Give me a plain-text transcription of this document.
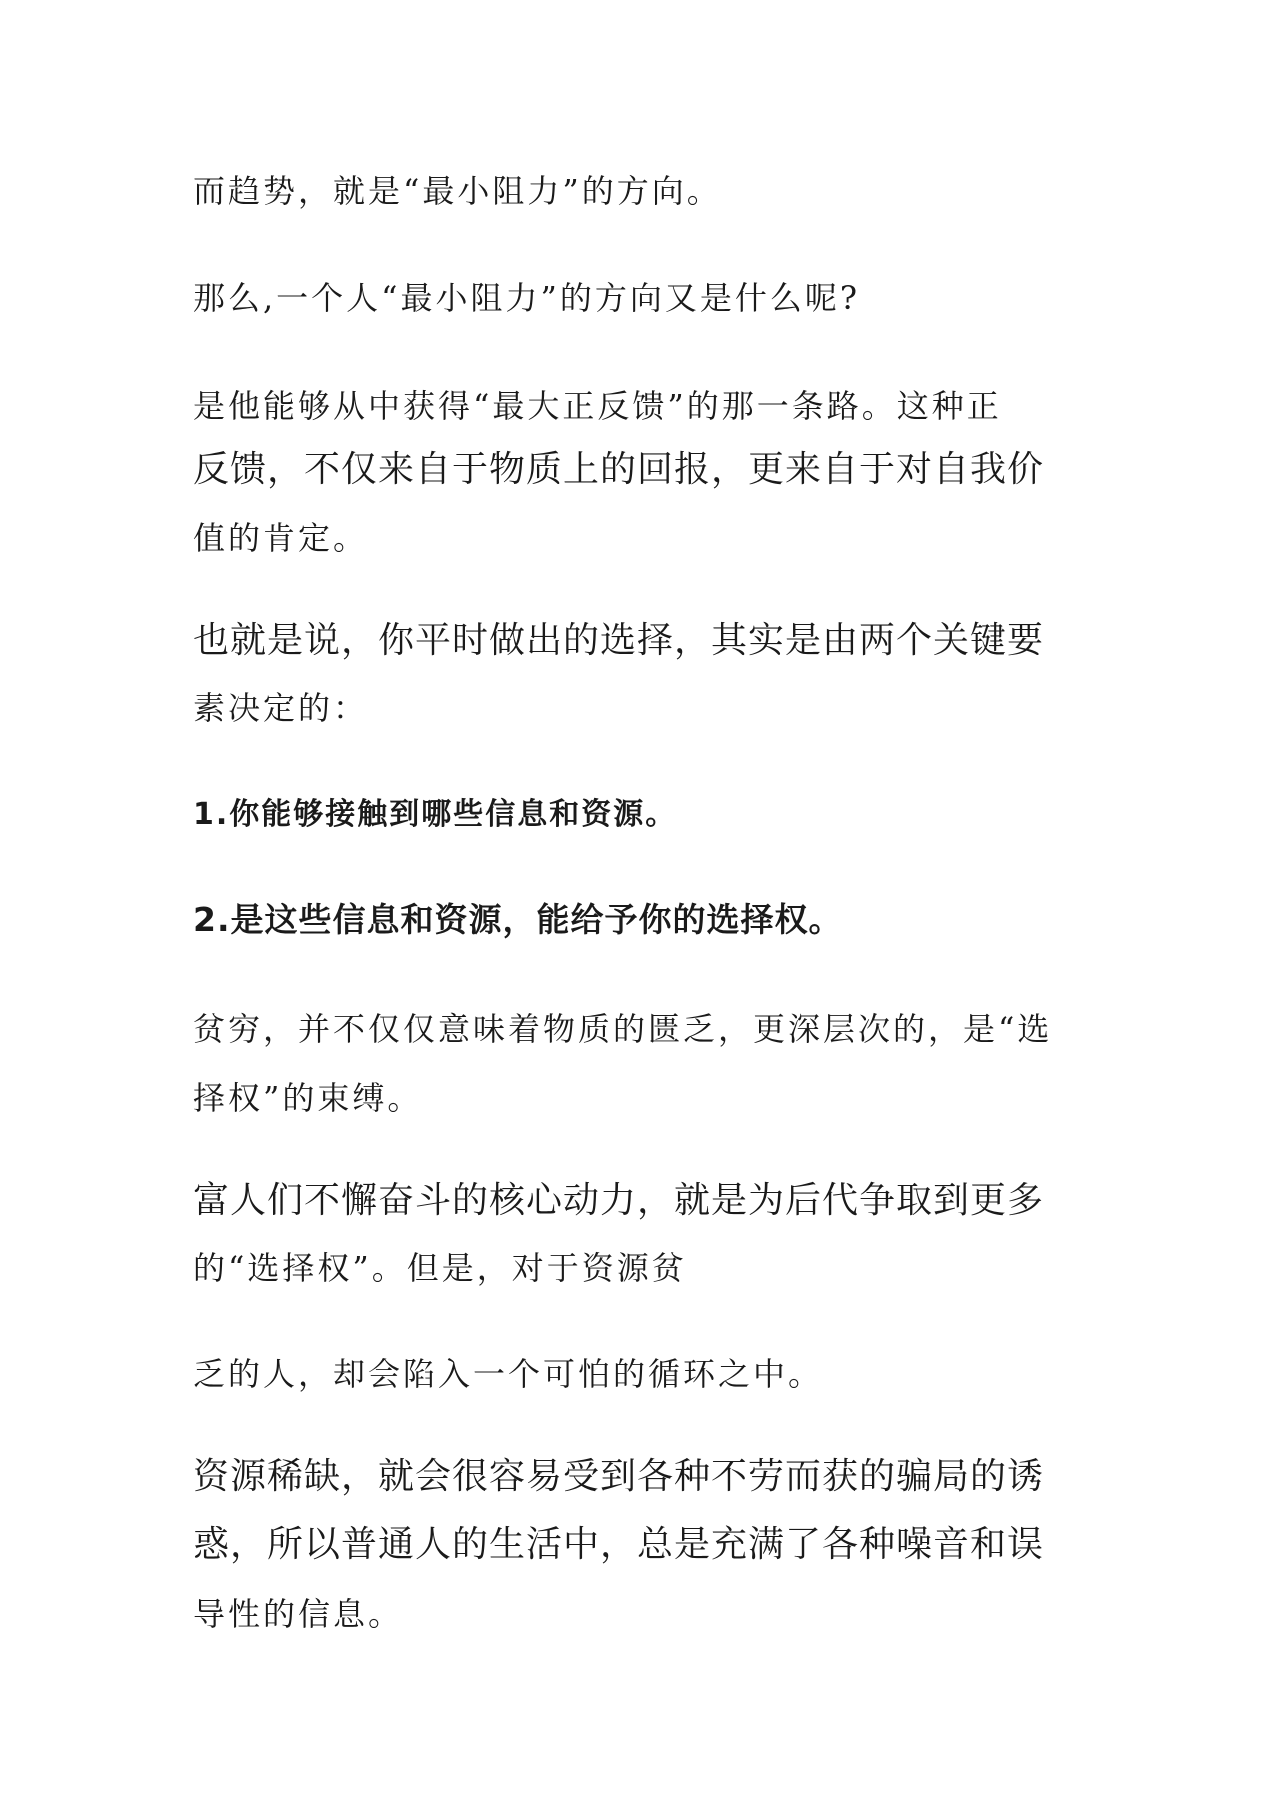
而趋势，就是“最小阻力”的方向。
那么,一个人“最小阻力”的方向又是什么呢?
是他能够从中获得“最大正反馈”的那一条路。这种正
反馈，不仅来自于物质上的回报，更来自于对自我价
值的肯定。
也就是说，你平时做出的选择，其实是由两个关键要
素决定的：
1.你能够接触到哪些信息和资源。
2.是这些信息和资源，能给予你的选择权。
贫穷，并不仅仅意味着物质的匮乏，更深层次的，是“选
择权”的束缚。
富人们不懈奋斗的核心动力，就是为后代争取到更多
的“选择权”。但是，对于资源贫
乏的人，却会陷入一个可怕的循环之中。
资源稀缺，就会很容易受到各种不劳而获的骗局的诱
惑，所以普通人的生活中，总是充满了各种噪音和误
导性的信息。
